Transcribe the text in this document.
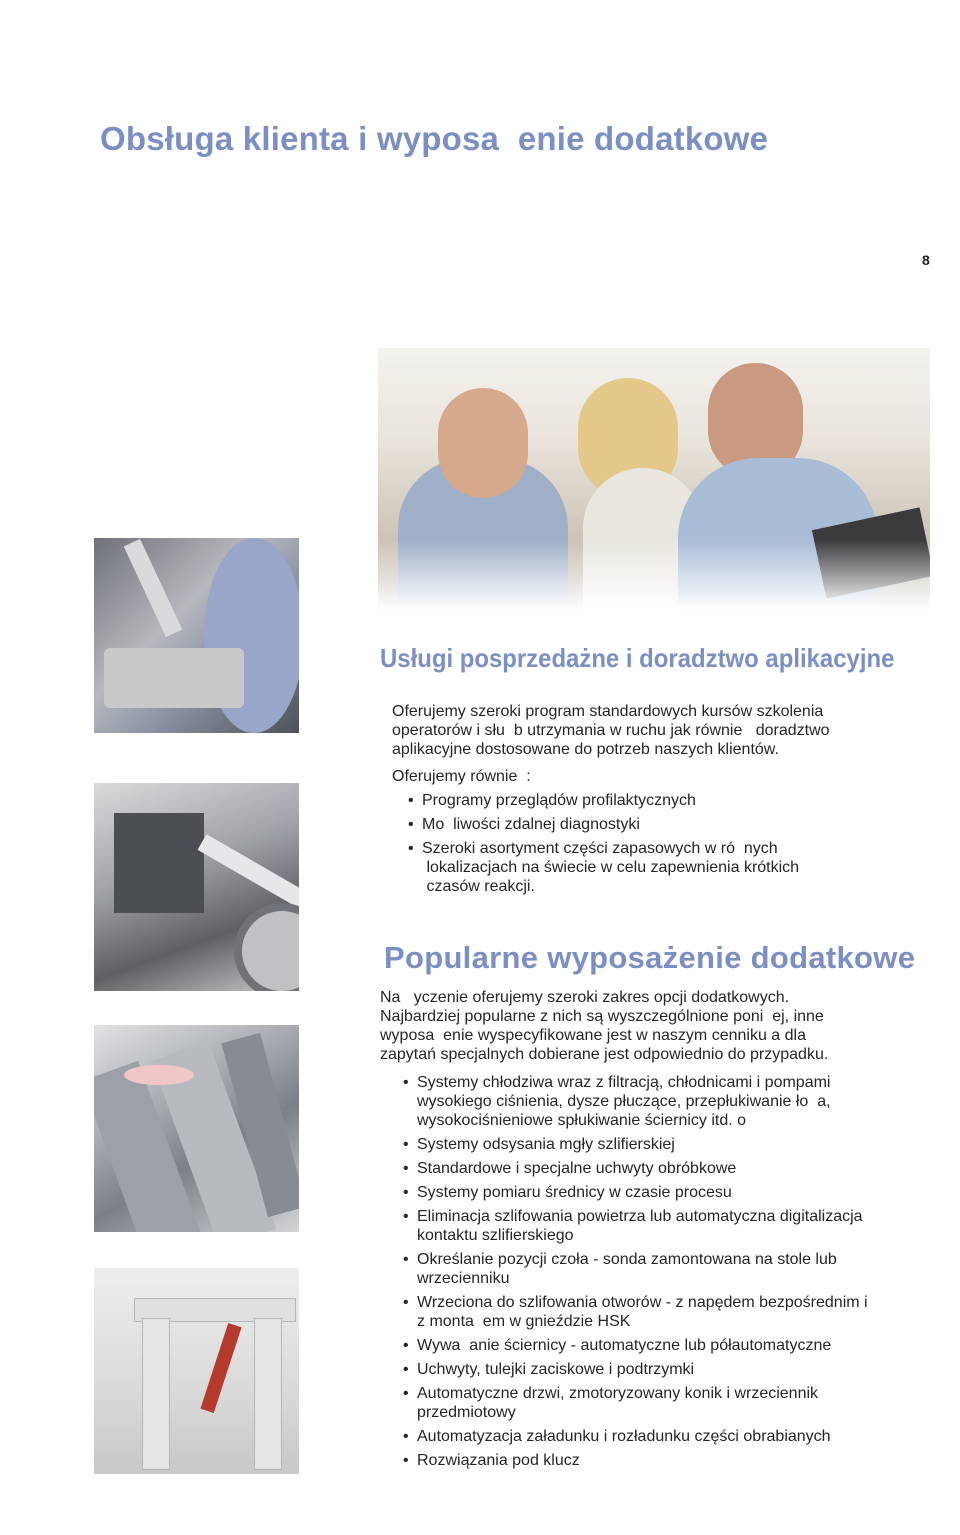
Obsługa klienta i wyposa  enie dodatkowe
8
Usługi posprzedażne i doradztwo aplikacyjne
Oferujemy szeroki program standardowych kursów szkolenia
operatorów i słu  b utrzymania w ruchu jak równie   doradztwo
aplikacyjne dostosowane do potrzeb naszych klientów.
Oferujemy równie  :
• Programy przeglądów profilaktycznych
• Mo  liwości zdalnej diagnostyki
• Szeroki asortyment części zapasowych w ró  nych
lokalizacjach na świecie w celu zapewnienia krótkich
czasów reakcji.
Popularne wyposażenie dodatkowe
Na   yczenie oferujemy szeroki zakres opcji dodatkowych.
Najbardziej popularne z nich są wyszczególnione poni  ej, inne
wyposa  enie wyspecyfikowane jest w naszym cenniku a dla
zapytań specjalnych dobierane jest odpowiednio do przypadku.
• Systemy chłodziwa wraz z filtracją, chłodnicami i pompami
wysokiego ciśnienia, dysze płuczące, przepłukiwanie ło  a,
wysokociśnieniowe spłukiwanie ściernicy itd. o
• Systemy odsysania mgły szlifierskiej
• Standardowe i specjalne uchwyty obróbkowe
• Systemy pomiaru średnicy w czasie procesu
• Eliminacja szlifowania powietrza lub automatyczna digitalizacja
kontaktu szlifierskiego
• Określanie pozycji czoła - sonda zamontowana na stole lub
wrzecienniku
• Wrzeciona do szlifowania otworów - z napędem bezpośrednim i
z monta  em w gnieździe HSK
• Wywa  anie ściernicy - automatyczne lub półautomatyczne
• Uchwyty, tulejki zaciskowe i podtrzymki
• Automatyczne drzwi, zmotoryzowany konik i wrzeciennik
przedmiotowy
• Automatyzacja załadunku i rozładunku części obrabianych
• Rozwiązania pod klucz
